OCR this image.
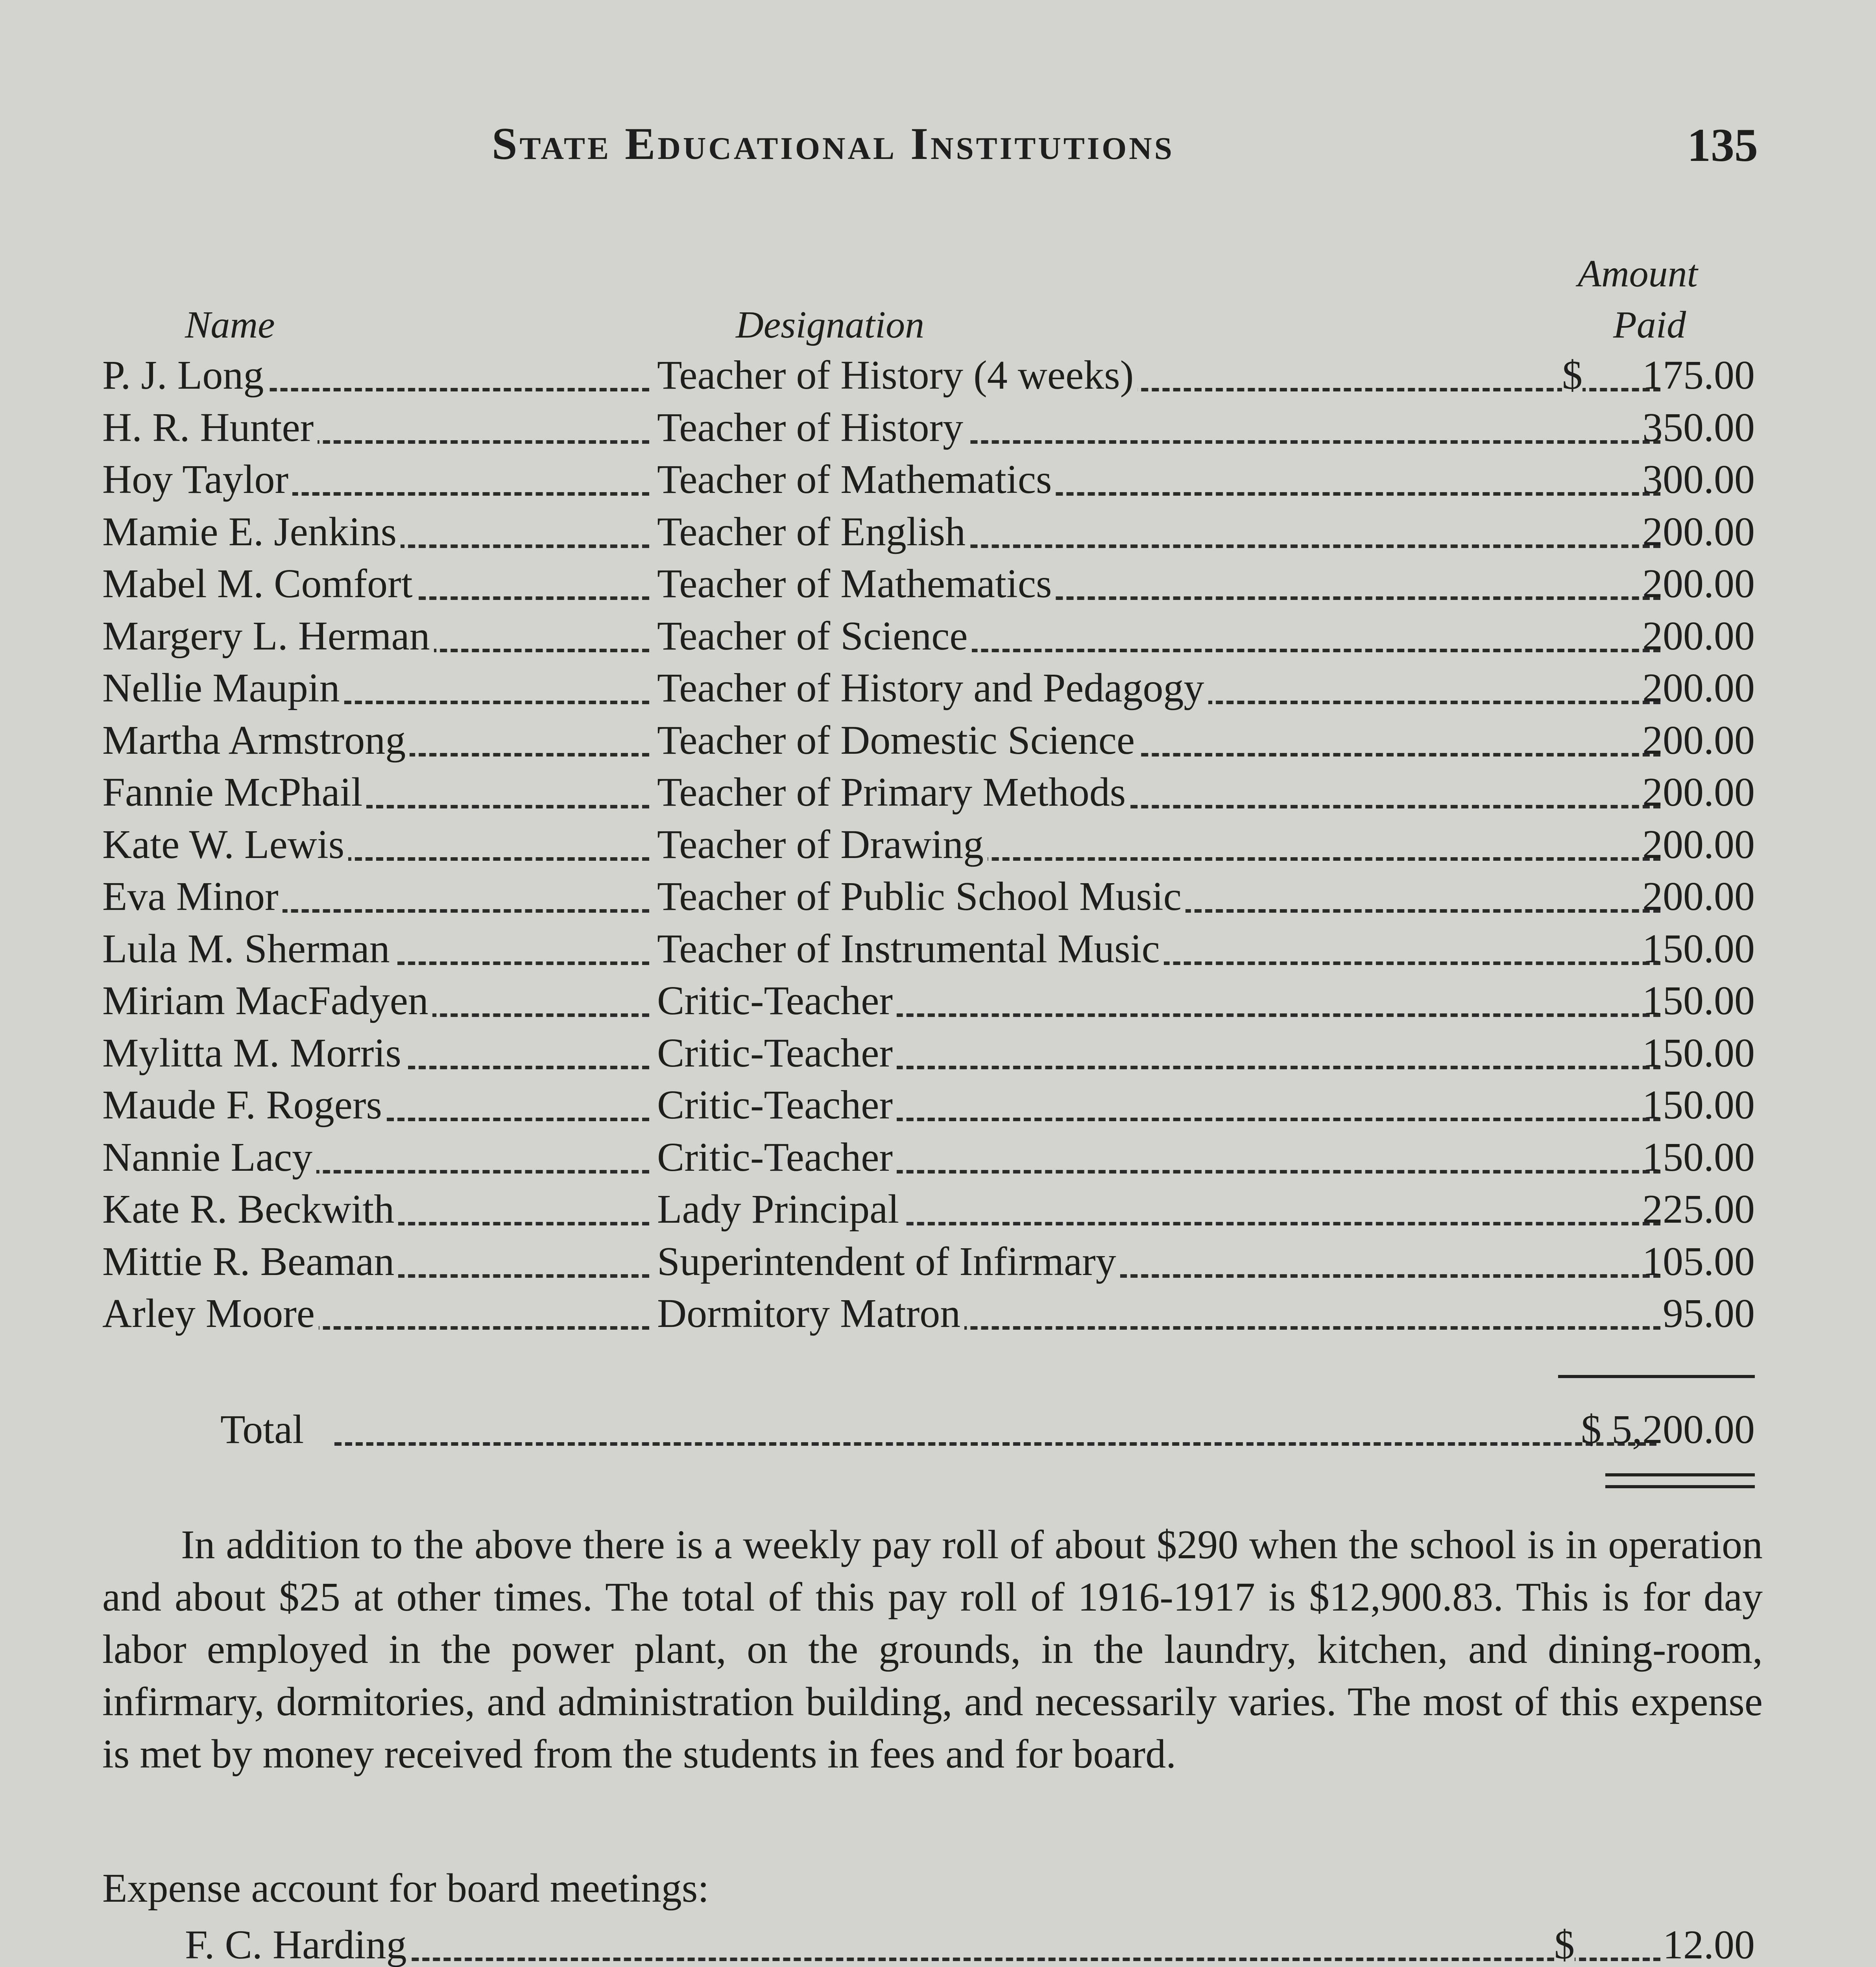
State Educational Institutions	135
Amount
Name	Designation	Paid
P. J. Long	Teacher of History (4 weeks)	$ 175.00
H. R. Hunter	Teacher of History	350.00
Hoy Taylor	Teacher of Mathematics	300.00
Mamie E. Jenkins	Teacher of English	200.00
Mabel M. Comfort	Teacher of Mathematics	200.00
Margery L. Herman	Teacher of Science	200.00
Nellie Maupin	Teacher of History and Pedagogy	200.00
Martha Armstrong	Teacher of Domestic Science	200.00
Fannie McPhail	Teacher of Primary Methods	200.00
Kate W. Lewis	Teacher of Drawing	200.00
Eva Minor	Teacher of Public School Music	200.00
Lula M. Sherman	Teacher of Instrumental Music	150.00
Miriam MacFadyen	Critic-Teacher	150.00
Mylitta M. Morris	Critic-Teacher	150.00
Maude F. Rogers	Critic-Teacher	150.00
Nannie Lacy	Critic-Teacher	150.00
Kate R. Beckwith	Lady Principal	225.00
Mittie R. Beaman	Superintendent of Infirmary	105.00
Arley Moore	Dormitory Matron	95.00
Total	$ 5,200.00

In addition to the above there is a weekly pay roll of about $290 when the school is in operation and about $25 at other times. The total of this pay roll of 1916-1917 is $12,900.83. This is for day labor employed in the power plant, on the grounds, in the laundry, kitchen, and dining-room, infirmary, dormitories, and administration building, and necessarily varies. The most of this expense is met by money received from the students in fees and for board.

Expense account for board meetings:
F. C. Harding	$ 12.00
